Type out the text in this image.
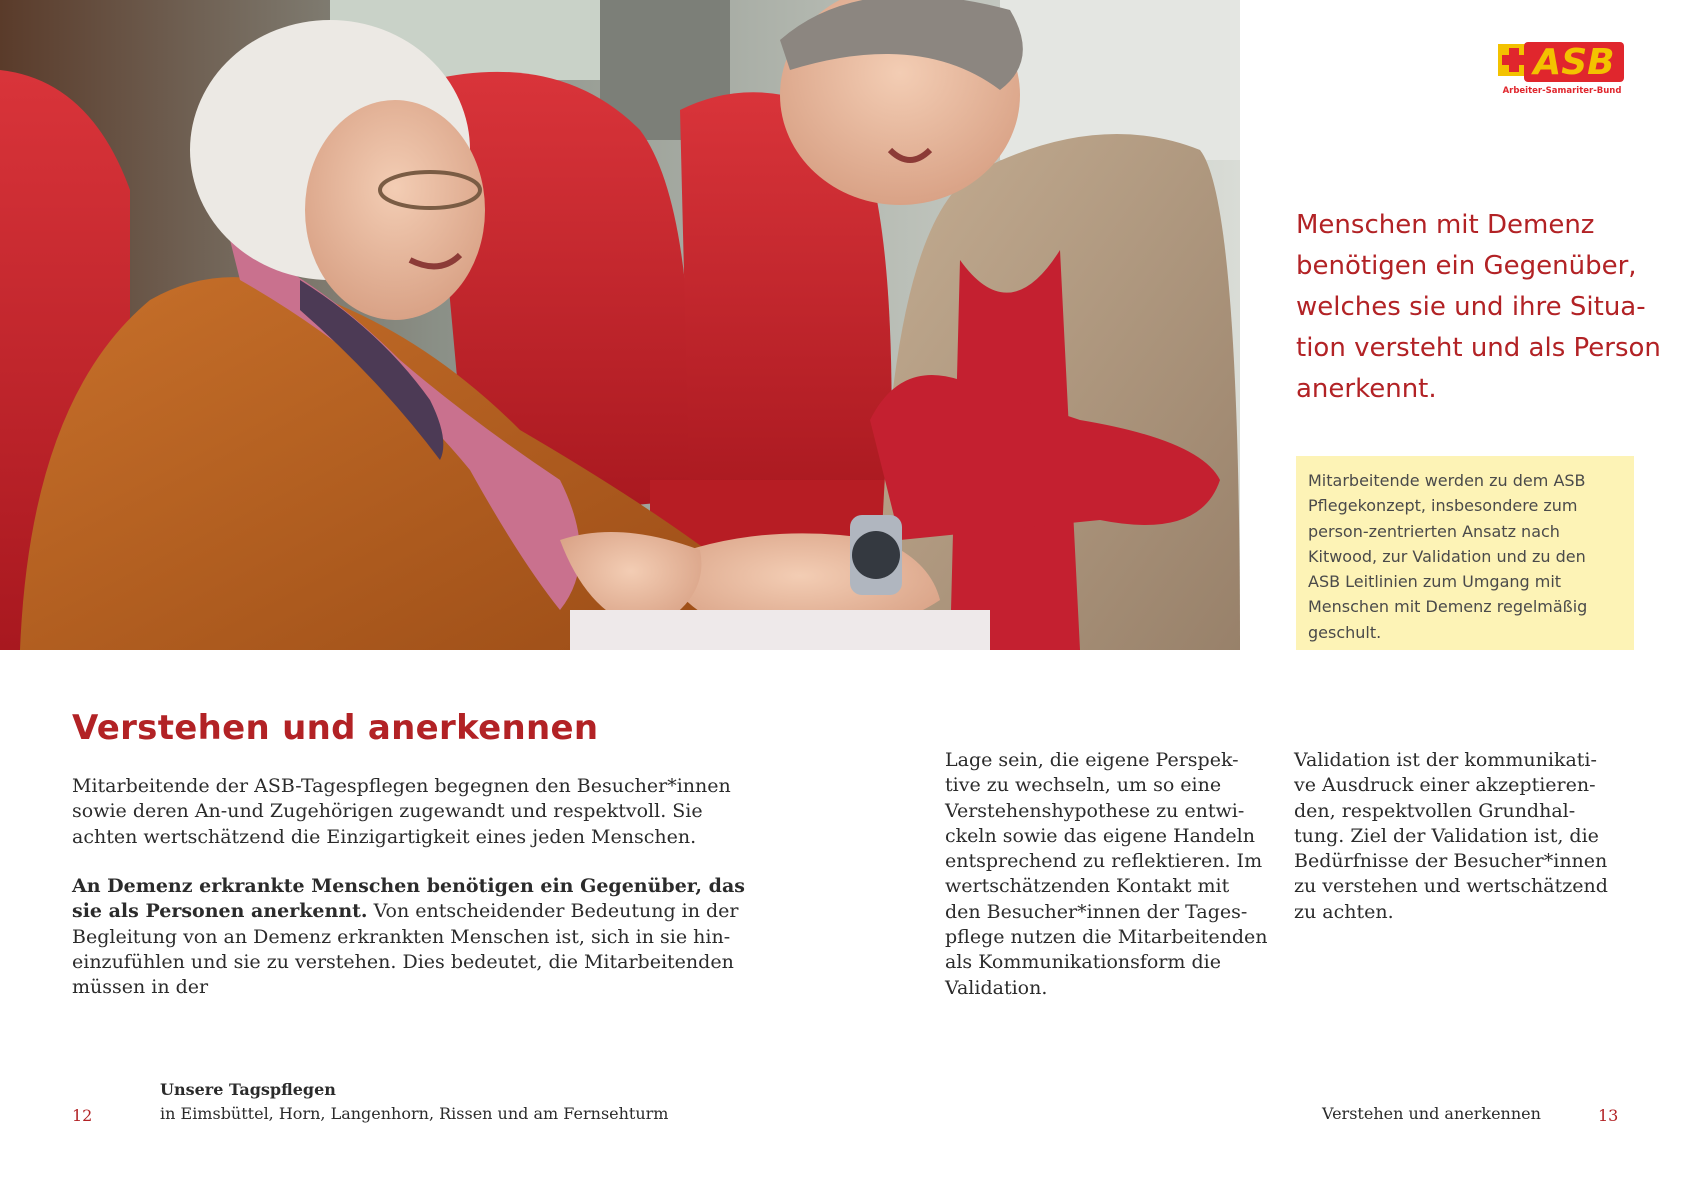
ASB
Arbeiter-Samariter-Bund

Menschen mit Demenz
benötigen ein Gegenüber,
welches sie und ihre Situa-
tion versteht und als Person
anerkennt.

Mitarbeitende werden zu dem ASB
Pflegekonzept, insbesondere zum
person-zentrierten Ansatz nach
Kitwood, zur Validation und zu den
ASB Leitlinien zum Umgang mit
Menschen mit Demenz regelmäßig
geschult.
Verstehen und anerkennen

Mitarbeitende der ASB-Tagespflegen begegnen den Besucher*innen
sowie deren An-und Zugehörigen zugewandt und respektvoll. Sie
achten wertschätzend die Einzigartigkeit eines jeden Menschen.

An Demenz erkrankte Menschen benötigen ein Gegenüber, das
sie als Personen anerkennt. Von entscheidender Bedeutung in der
Begleitung von an Demenz erkrankten Menschen ist, sich in sie hin-
einzufühlen und sie zu verstehen. Dies bedeutet, die Mitarbeitenden
müssen in der

Lage sein, die eigene Perspek-
tive zu wechseln, um so eine
Verstehenshypothese zu entwi-
ckeln sowie das eigene Handeln
entsprechend zu reflektieren. Im
wertschätzenden Kontakt mit
den Besucher*innen der Tages-
pflege nutzen die Mitarbeitenden
als Kommunikationsform die
Validation.

Validation ist der kommunikati-
ve Ausdruck einer akzeptieren-
den, respektvollen Grundhal-
tung. Ziel der Validation ist, die
Bedürfnisse der Besucher*innen
zu verstehen und wertschätzend
zu achten.

12
Unsere Tagspflegen
in Eimsbüttel, Horn, Langenhorn, Rissen und am Fernsehturm	Verstehen und anerkennen	13
